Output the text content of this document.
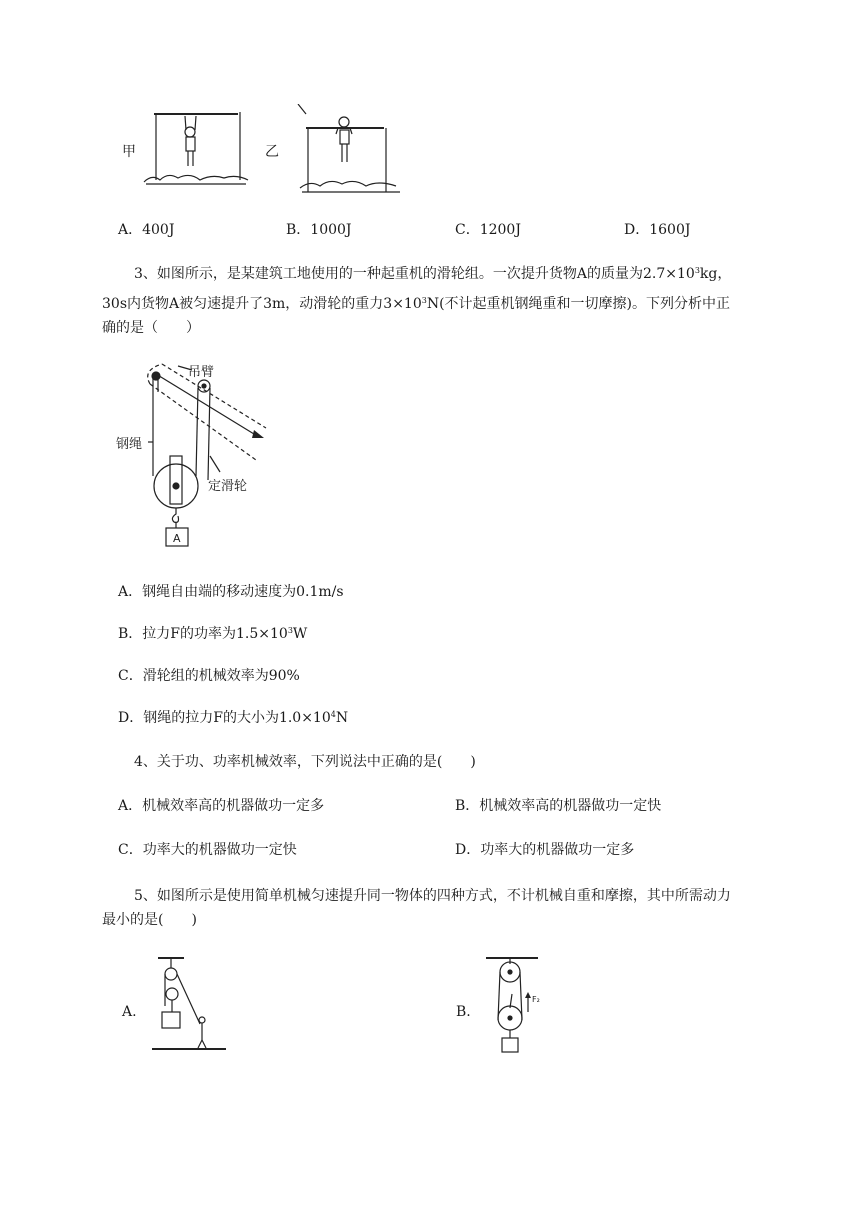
甲	乙
A．400J	B．1000J	C．1200J	D．1600J
3、如图所示，是某建筑工地使用的一种起重机的滑轮组。一次提升货物A的质量为$2.7\times 10^3kg$，
30s内货物A被匀速提升了3m，动滑轮的重力$3\times 10^3N$(不计起重机钢绳重和一切摩擦)。下列分析中正
确的是（　　）
吊臂
钢绳
定滑轮
A
A．钢绳自由端的移动速度为0.1m/s
B．拉力F的功率为$1.5\times 10^3W$
C．滑轮组的机械效率为90%
D．钢绳的拉力F的大小为$1.0\times 10^4N$
4、关于功、功率机械效率，下列说法中正确的是(　　)
A．机械效率高的机器做功一定多	B．机械效率高的机器做功一定快
C．功率大的机器做功一定快	D．功率大的机器做功一定多
5、如图所示是使用简单机械匀速提升同一物体的四种方式，不计机械自重和摩擦，其中所需动力
最小的是(　　)
A.	B.
F₂
